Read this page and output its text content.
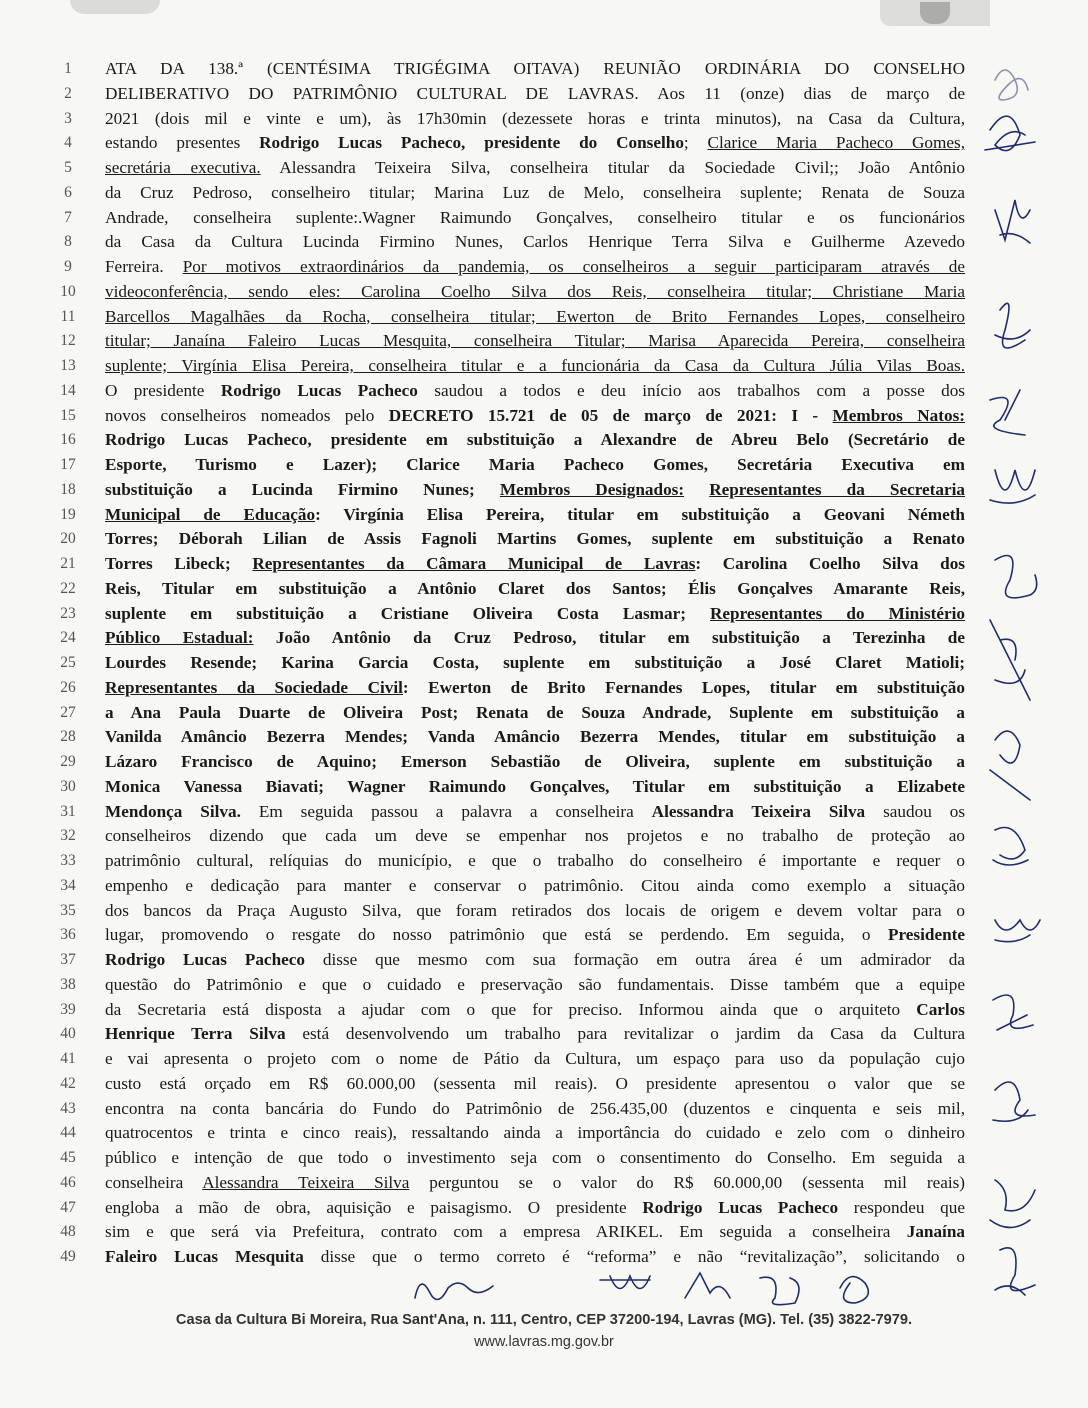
1	ATA DA 138.ª (CENTÉSIMA TRIGÉGIMA OITAVA) REUNIÃO ORDINÁRIA DO CONSELHO
2	DELIBERATIVO DO PATRIMÔNIO CULTURAL DE LAVRAS. Aos 11 (onze) dias de março de
3	2021 (dois mil e vinte e um), às 17h30min (dezessete horas e trinta minutos), na Casa da Cultura,
4	estando presentes Rodrigo Lucas Pacheco, presidente do Conselho; Clarice Maria Pacheco Gomes,
5	secretária executiva. Alessandra Teixeira Silva, conselheira titular da Sociedade Civil;; João Antônio
6	da Cruz Pedroso, conselheiro titular; Marina Luz de Melo, conselheira suplente; Renata de Souza
7	Andrade, conselheira suplente:.Wagner Raimundo Gonçalves, conselheiro titular e os funcionários
8	da Casa da Cultura Lucinda Firmino Nunes, Carlos Henrique Terra Silva e Guilherme Azevedo
9	Ferreira. Por motivos extraordinários da pandemia, os conselheiros a seguir participaram através de
10	videoconferência, sendo eles: Carolina Coelho Silva dos Reis, conselheira titular; Christiane Maria
11	Barcellos Magalhães da Rocha, conselheira titular; Ewerton de Brito Fernandes Lopes, conselheiro
12	titular; Janaína Faleiro Lucas Mesquita, conselheira Titular; Marisa Aparecida Pereira, conselheira
13	suplente; Virgínia Elisa Pereira, conselheira titular e a funcionária da Casa da Cultura Júlia Vilas Boas.
14	O presidente Rodrigo Lucas Pacheco saudou a todos e deu início aos trabalhos com a posse dos
15	novos conselheiros nomeados pelo DECRETO 15.721 de 05 de março de 2021: I - Membros Natos:
16	Rodrigo Lucas Pacheco, presidente em substituição a Alexandre de Abreu Belo (Secretário de
17	Esporte, Turismo e Lazer); Clarice Maria Pacheco Gomes, Secretária Executiva em
18	substituição a Lucinda Firmino Nunes; Membros Designados: Representantes da Secretaria
19	Municipal de Educação: Virgínia Elisa Pereira, titular em substituição a Geovani Németh
20	Torres; Déborah Lilian de Assis Fagnoli Martins Gomes, suplente em substituição a Renato
21	Torres Libeck; Representantes da Câmara Municipal de Lavras: Carolina Coelho Silva dos
22	Reis, Titular em substituição a Antônio Claret dos Santos; Élis Gonçalves Amarante Reis,
23	suplente em substituição a Cristiane Oliveira Costa Lasmar; Representantes do Ministério
24	Público Estadual: João Antônio da Cruz Pedroso, titular em substituição a Terezinha de
25	Lourdes Resende; Karina Garcia Costa, suplente em substituição a José Claret Matioli;
26	Representantes da Sociedade Civil: Ewerton de Brito Fernandes Lopes, titular em substituição
27	a Ana Paula Duarte de Oliveira Post; Renata de Souza Andrade, Suplente em substituição a
28	Vanilda Amâncio Bezerra Mendes; Vanda Amâncio Bezerra Mendes, titular em substituição a
29	Lázaro Francisco de Aquino; Emerson Sebastião de Oliveira, suplente em substituição a
30	Monica Vanessa Biavati; Wagner Raimundo Gonçalves, Titular em substituição a Elizabete
31	Mendonça Silva. Em seguida passou a palavra a conselheira Alessandra Teixeira Silva saudou os
32	conselheiros dizendo que cada um deve se empenhar nos projetos e no trabalho de proteção ao
33	patrimônio cultural, relíquias do município, e que o trabalho do conselheiro é importante e requer o
34	empenho e dedicação para manter e conservar o patrimônio. Citou ainda como exemplo a situação
35	dos bancos da Praça Augusto Silva, que foram retirados dos locais de origem e devem voltar para o
36	lugar, promovendo o resgate do nosso patrimônio que está se perdendo. Em seguida, o Presidente
37	Rodrigo Lucas Pacheco disse que mesmo com sua formação em outra área é um admirador da
38	questão do Patrimônio e que o cuidado e preservação são fundamentais. Disse também que a equipe
39	da Secretaria está disposta a ajudar com o que for preciso. Informou ainda que o arquiteto Carlos
40	Henrique Terra Silva está desenvolvendo um trabalho para revitalizar o jardim da Casa da Cultura
41	e vai apresenta o projeto com o nome de Pátio da Cultura, um espaço para uso da população cujo
42	custo está orçado em R$ 60.000,00 (sessenta mil reais). O presidente apresentou o valor que se
43	encontra na conta bancária do Fundo do Patrimônio de 256.435,00 (duzentos e cinquenta e seis mil,
44	quatrocentos e trinta e cinco reais), ressaltando ainda a importância do cuidado e zelo com o dinheiro
45	público e intenção de que todo o investimento seja com o consentimento do Conselho. Em seguida a
46	conselheira Alessandra Teixeira Silva perguntou se o valor do R$ 60.000,00 (sessenta mil reais)
47	engloba a mão de obra, aquisição e paisagismo. O presidente Rodrigo Lucas Pacheco respondeu que
48	sim e que será via Prefeitura, contrato com a empresa ARIKEL. Em seguida a conselheira Janaína
49	Faleiro Lucas Mesquita disse que o termo correto é “reforma” e não “revitalização”, solicitando o
Casa da Cultura Bi Moreira, Rua Sant'Ana, n. 111, Centro, CEP 37200-194, Lavras (MG). Tel. (35) 3822-7979.
www.lavras.mg.gov.br
